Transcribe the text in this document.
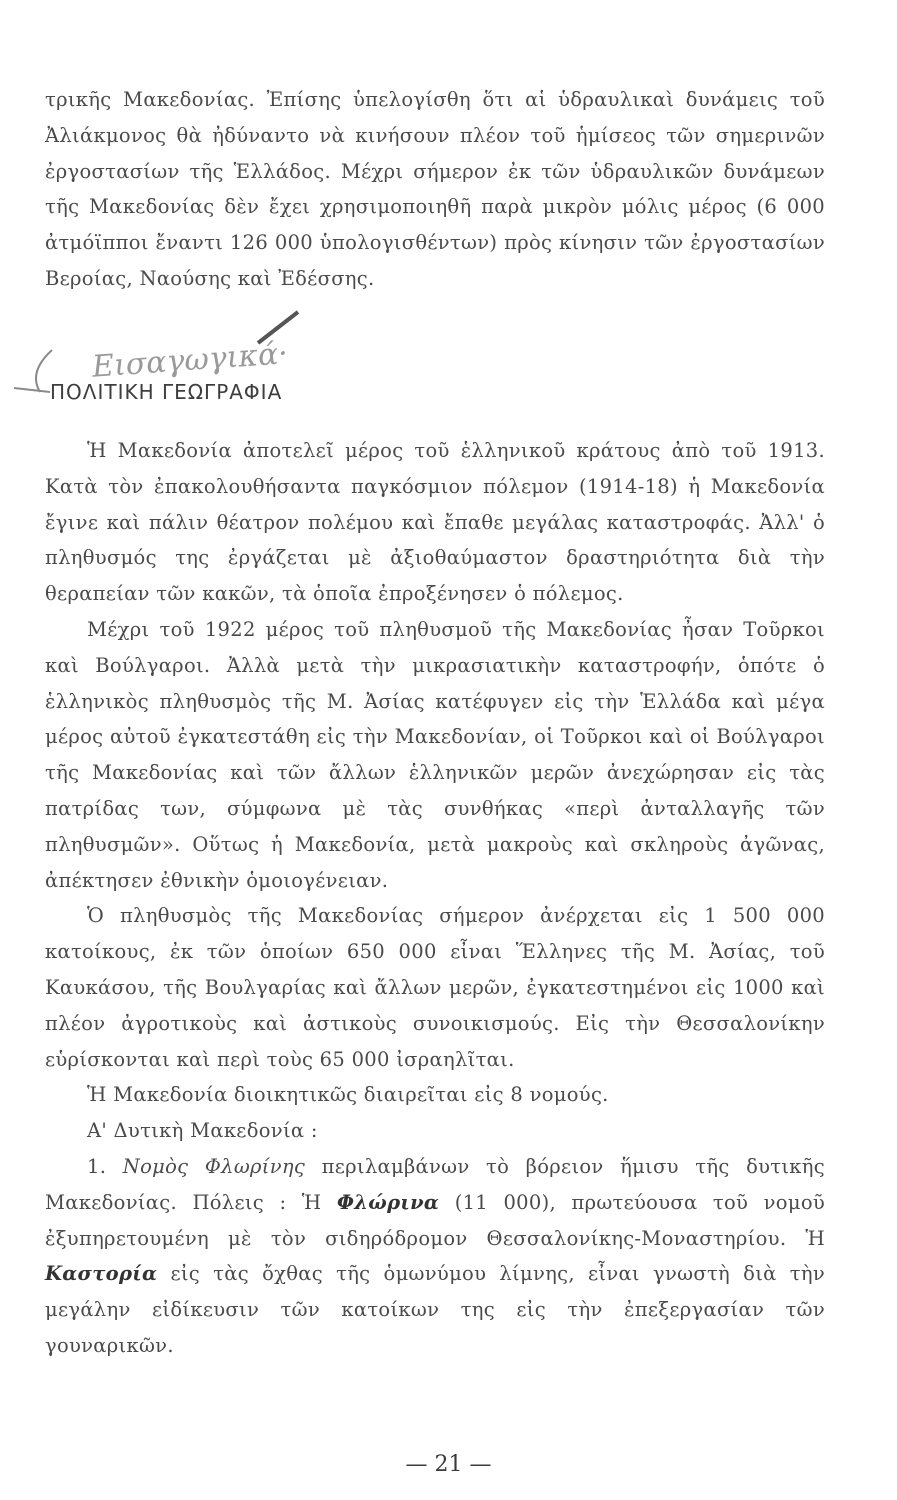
τρικῆς Μακεδονίας. Ἐπίσης ὑπελογίσθη ὅτι αἱ ὑδραυλικαὶ δυνάμεις τοῦ Ἀλιάκμονος θὰ ἠδύναντο νὰ κινήσουν πλέον τοῦ ἡμίσεος τῶν σημερινῶν ἐργοστασίων τῆς Ἑλλάδος. Μέχρι σήμερον ἐκ τῶν ὑδραυλικῶν δυνάμεων τῆς Μακεδονίας δὲν ἔχει χρησιμοποιηθῆ παρὰ μικρὸν μόλις μέρος (6 000 ἀτμόϊπποι ἔναντι 126 000 ὑπολογισθέντων) πρὸς κίνησιν τῶν ἐργοστασίων Βεροίας, Ναούσης καὶ Ἐδέσσης.
Εισαγωγικά·
ΠΟΛΙΤΙΚΗ ΓΕΩΓΡΑΦΙΑ

Ἡ Μακεδονία ἀποτελεῖ μέρος τοῦ ἑλληνικοῦ κράτους ἀπὸ τοῦ 1913. Κατὰ τὸν ἐπακολουθήσαντα παγκόσμιον πόλεμον (1914-18) ἡ Μακεδονία ἔγινε καὶ πάλιν θέατρον πολέμου καὶ ἔπαθε μεγάλας καταστροφάς. Ἀλλ' ὁ πληθυσμός της ἐργάζεται μὲ ἀξιοθαύμαστον δραστηριότητα διὰ τὴν θεραπείαν τῶν κακῶν, τὰ ὁποῖα ἐπροξένησεν ὁ πόλεμος.

Μέχρι τοῦ 1922 μέρος τοῦ πληθυσμοῦ τῆς Μακεδονίας ἦσαν Τοῦρκοι καὶ Βούλγαροι. Ἀλλὰ μετὰ τὴν μικρασιατικὴν καταστροφήν, ὁπότε ὁ ἑλληνικὸς πληθυσμὸς τῆς Μ. Ἀσίας κατέφυγεν εἰς τὴν Ἑλλάδα καὶ μέγα μέρος αὐτοῦ ἐγκατεστάθη εἰς τὴν Μακεδονίαν, οἱ Τοῦρκοι καὶ οἱ Βούλγαροι τῆς Μακεδονίας καὶ τῶν ἄλλων ἑλληνικῶν μερῶν ἀνεχώρησαν εἰς τὰς πατρίδας των, σύμφωνα μὲ τὰς συνθήκας «περὶ ἀνταλλαγῆς τῶν πληθυσμῶν». Οὕτως ἡ Μακεδονία, μετὰ μακροὺς καὶ σκληροὺς ἀγῶνας, ἀπέκτησεν ἐθνικὴν ὁμοιογένειαν.

Ὁ πληθυσμὸς τῆς Μακεδονίας σήμερον ἀνέρχεται εἰς 1 500 000 κατοίκους, ἐκ τῶν ὁποίων 650 000 εἶναι Ἕλληνες τῆς Μ. Ἀσίας, τοῦ Καυκάσου, τῆς Βουλγαρίας καὶ ἄλλων μερῶν, ἐγκατεστημένοι εἰς 1000 καὶ πλέον ἀγροτικοὺς καὶ ἀστικοὺς συνοικισμούς. Εἰς τὴν Θεσσαλονίκην εὑρίσκονται καὶ περὶ τοὺς 65 000 ἰσραηλῖται.

Ἡ Μακεδονία διοικητικῶς διαιρεῖται εἰς 8 νομούς.

Α' Δυτικὴ Μακεδονία :

1. Νομὸς Φλωρίνης περιλαμβάνων τὸ βόρειον ἥμισυ τῆς δυτικῆς Μακεδονίας. Πόλεις : Ἡ Φλώρινα (11 000), πρωτεύουσα τοῦ νομοῦ ἐξυπηρετουμένη μὲ τὸν σιδηρόδρομον Θεσσαλονίκης-Μοναστηρίου. Ἡ Καστορία εἰς τὰς ὄχθας τῆς ὁμωνύμου λίμνης, εἶναι γνωστὴ διὰ τὴν μεγάλην εἰδίκευσιν τῶν κατοίκων της εἰς τὴν ἐπεξεργασίαν τῶν γουναρικῶν.

— 21 —
